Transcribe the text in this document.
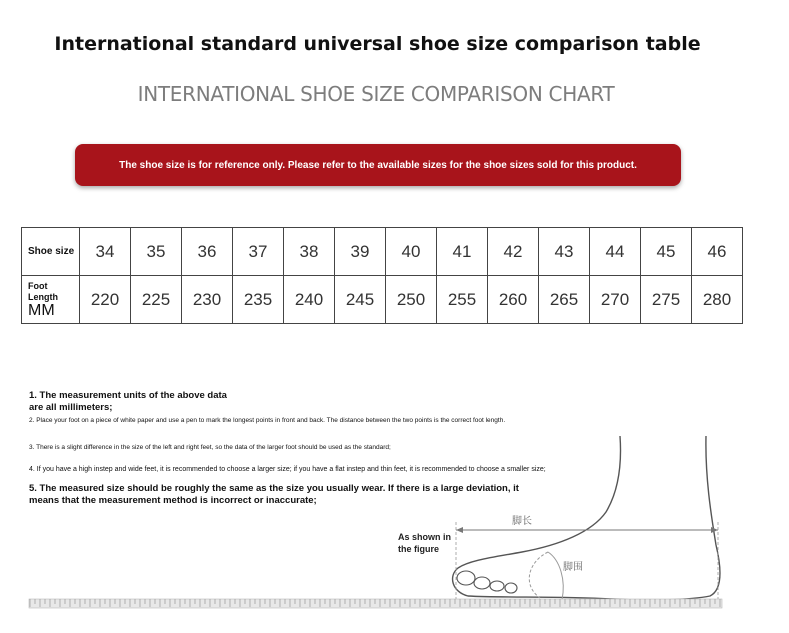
International standard universal shoe size comparison table
INTERNATIONAL SHOE SIZE COMPARISON CHART
The shoe size is for reference only. Please refer to the available sizes for the shoe sizes sold for this product.
Shoe size	34	35	36	37	38	39	40	41	42	43	44	45	46

Foot Length
MM	220	225	230	235	240	245	250	255	260	265	270	275	280
脚长
脚围
1. The measurement units of the above data are all millimeters;
2. Place your foot on a piece of white paper and use a pen to mark the longest points in front and back. The distance between the two points is the correct foot length.
3. There is a slight difference in the size of the left and right feet, so the data of the larger foot should be used as the standard;
4. If you have a high instep and wide feet, it is recommended to choose a larger size; if you have a flat instep and thin feet, it is recommended to choose a smaller size;
5. The measured size should be roughly the same as the size you usually wear. If there is a large deviation, it means that the measurement method is incorrect or inaccurate;
As shown in the figure
